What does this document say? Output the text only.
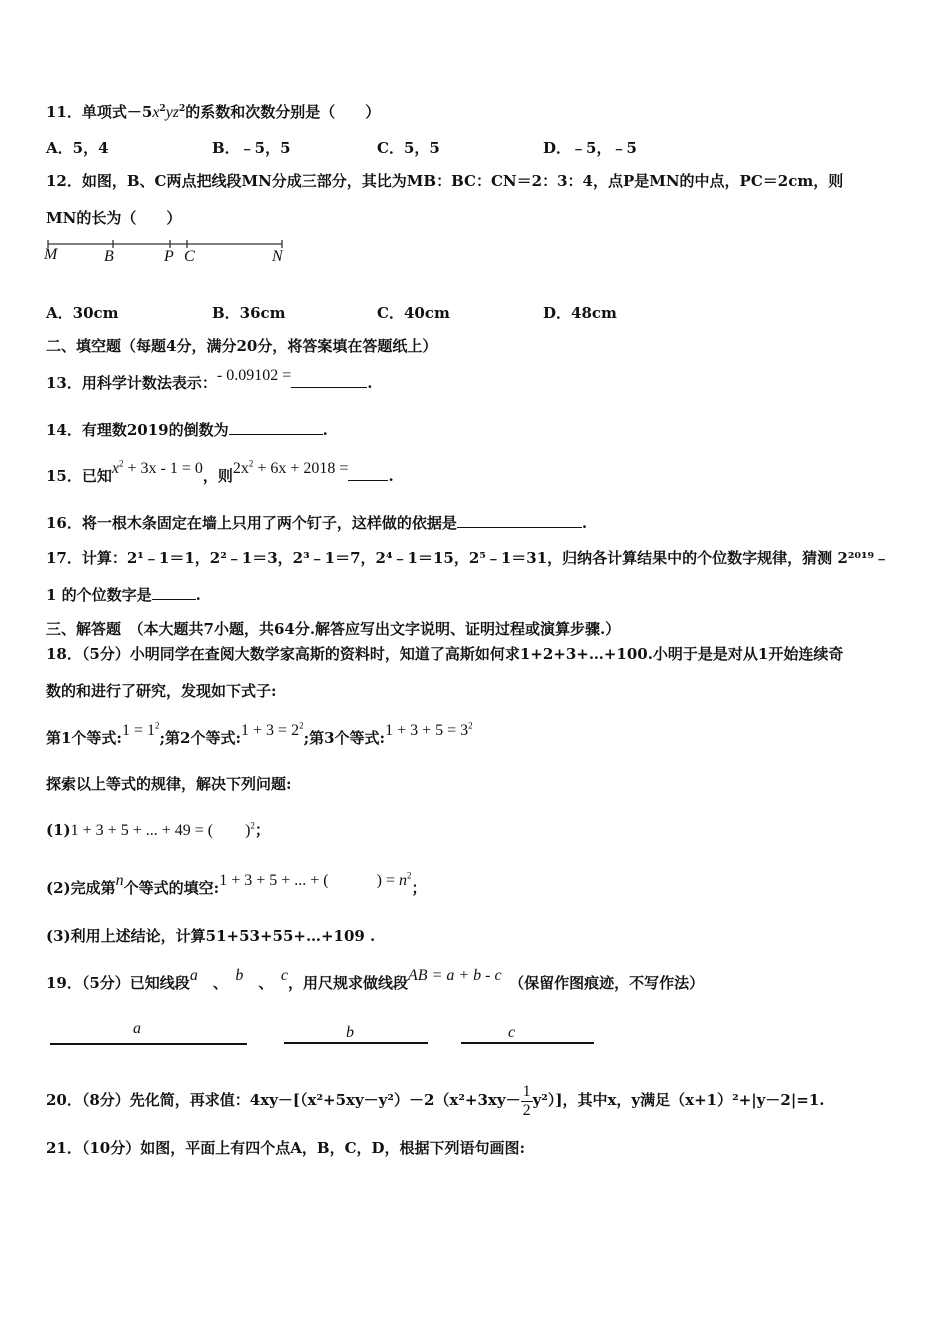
11．单项式$-5x^2yz^2$的系数和次数分别是（　　）
A．5，4	B．﹣5，5	C．5，5	D．﹣5，﹣5
12．如图，B、C两点把线段MN分成三部分，其比为MB：BC：CN＝2：3：4，点P是MN的中点，PC＝2cm，则
MN的长为（　　）
M	B	P C	N
A．30cm	B．36cm	C．40cm	D．48cm
二、填空题（每题4分，满分20分，将答案填在答题纸上）
13．用科学计数法表示：- 0.09102 =	.
14．有理数2019的倒数为	.
15．已知$x^2 + 3x - 1 = 0$，则$2x^2 + 6x + 2018$ =	.
16．将一根木条固定在墙上只用了两个钉子，这样做的依据是	.
17．计算：2¹﹣1＝1，2²﹣1＝3，2³﹣1＝7，2⁴﹣1＝15，2⁵﹣1＝31，归纳各计算结果中的个位数字规律，猜测 2²⁰¹⁹﹣
1 的个位数字是	.
三、解答题　（本大题共7小题，共64分.解答应写出文字说明、证明过程或演算步骤.）
18．（5分）小明同学在查阅大数学家高斯的资料时，知道了高斯如何求1+2+3+…+100.小明于是是对从1开始连续奇
数的和进行了研究，发现如下式子:
第1个等式:1 = $1^2$;第2个等式:1 + $3 = 2^2$;第3个等式:1 + $3 + 5 = 3^2$
探索以上等式的规律，解决下列问题:
(1)1 + 3 + 5 + ... + 49 = (　　)$^2$；
(2)完成第n个等式的填空:1 + 3 + 5 + ... + (　　　) = $n^2$；
(3)利用上述结论，计算51+53+55+…+109 .
19．（5分）已知线段a　 、　 b　 、　 c，用尺规求做线段AB = a + b - c　 （保留作图痕迹，不写作法）
a	b	c
20．（8分）先化简，再求值：$4xy-[(x^2+5xy-y^2)-2(x^2+3xy- \frac{1}{2} y^2)]$，其中x，y满足（x+1）²+|y－2|=1.
21．（10分）如图，平面上有四个点A，B，C，D，根据下列语句画图:
